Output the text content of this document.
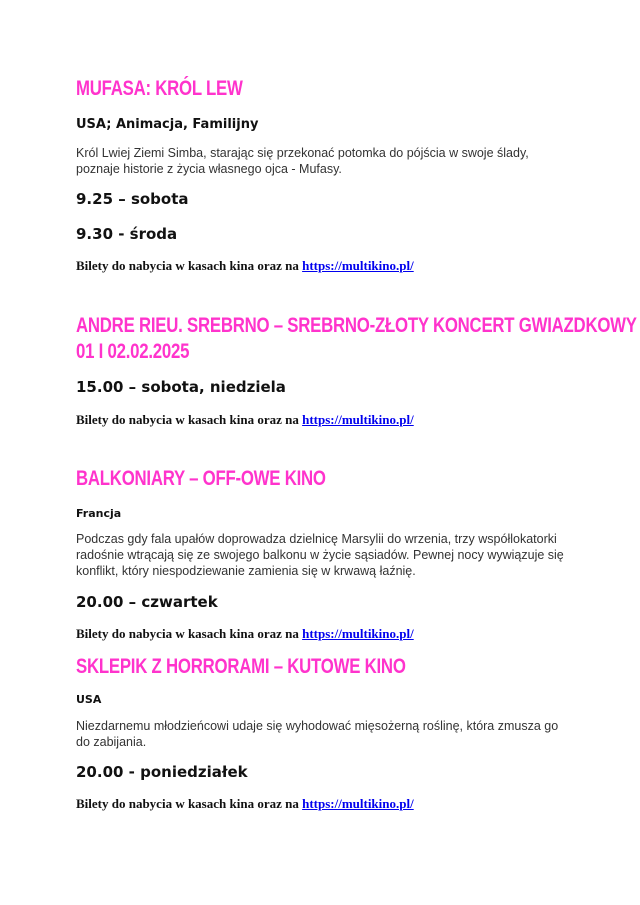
MUFASA: KRÓL LEW

USA; Animacja, Familijny

Król Lwiej Ziemi Simba, starając się przekonać potomka do pójścia w swoje ślady, poznaje historie z życia własnego ojca - Mufasy.

9.25 – sobota

9.30 - środa

Bilety do nabycia w kasach kina oraz na https://multikino.pl/

ANDRE RIEU. SREBRNO – SREBRNO-ZŁOTY KONCERT GWIAZDKOWY
01 I 02.02.2025

15.00 – sobota, niedziela

Bilety do nabycia w kasach kina oraz na https://multikino.pl/

BALKONIARY – OFF-OWE KINO

Francja

Podczas gdy fala upałów doprowadza dzielnicę Marsylii do wrzenia, trzy współlokatorki radośnie wtrącają się ze swojego balkonu w życie sąsiadów. Pewnej nocy wywiązuje się konflikt, który niespodziewanie zamienia się w krwawą łaźnię.

20.00 – czwartek

Bilety do nabycia w kasach kina oraz na https://multikino.pl/

SKLEPIK Z HORRORAMI – KUTOWE KINO

USA

Niezdarnemu młodzieńcowi udaje się wyhodować mięsożerną roślinę, która zmusza go do zabijania.

20.00 - poniedziałek

Bilety do nabycia w kasach kina oraz na https://multikino.pl/
